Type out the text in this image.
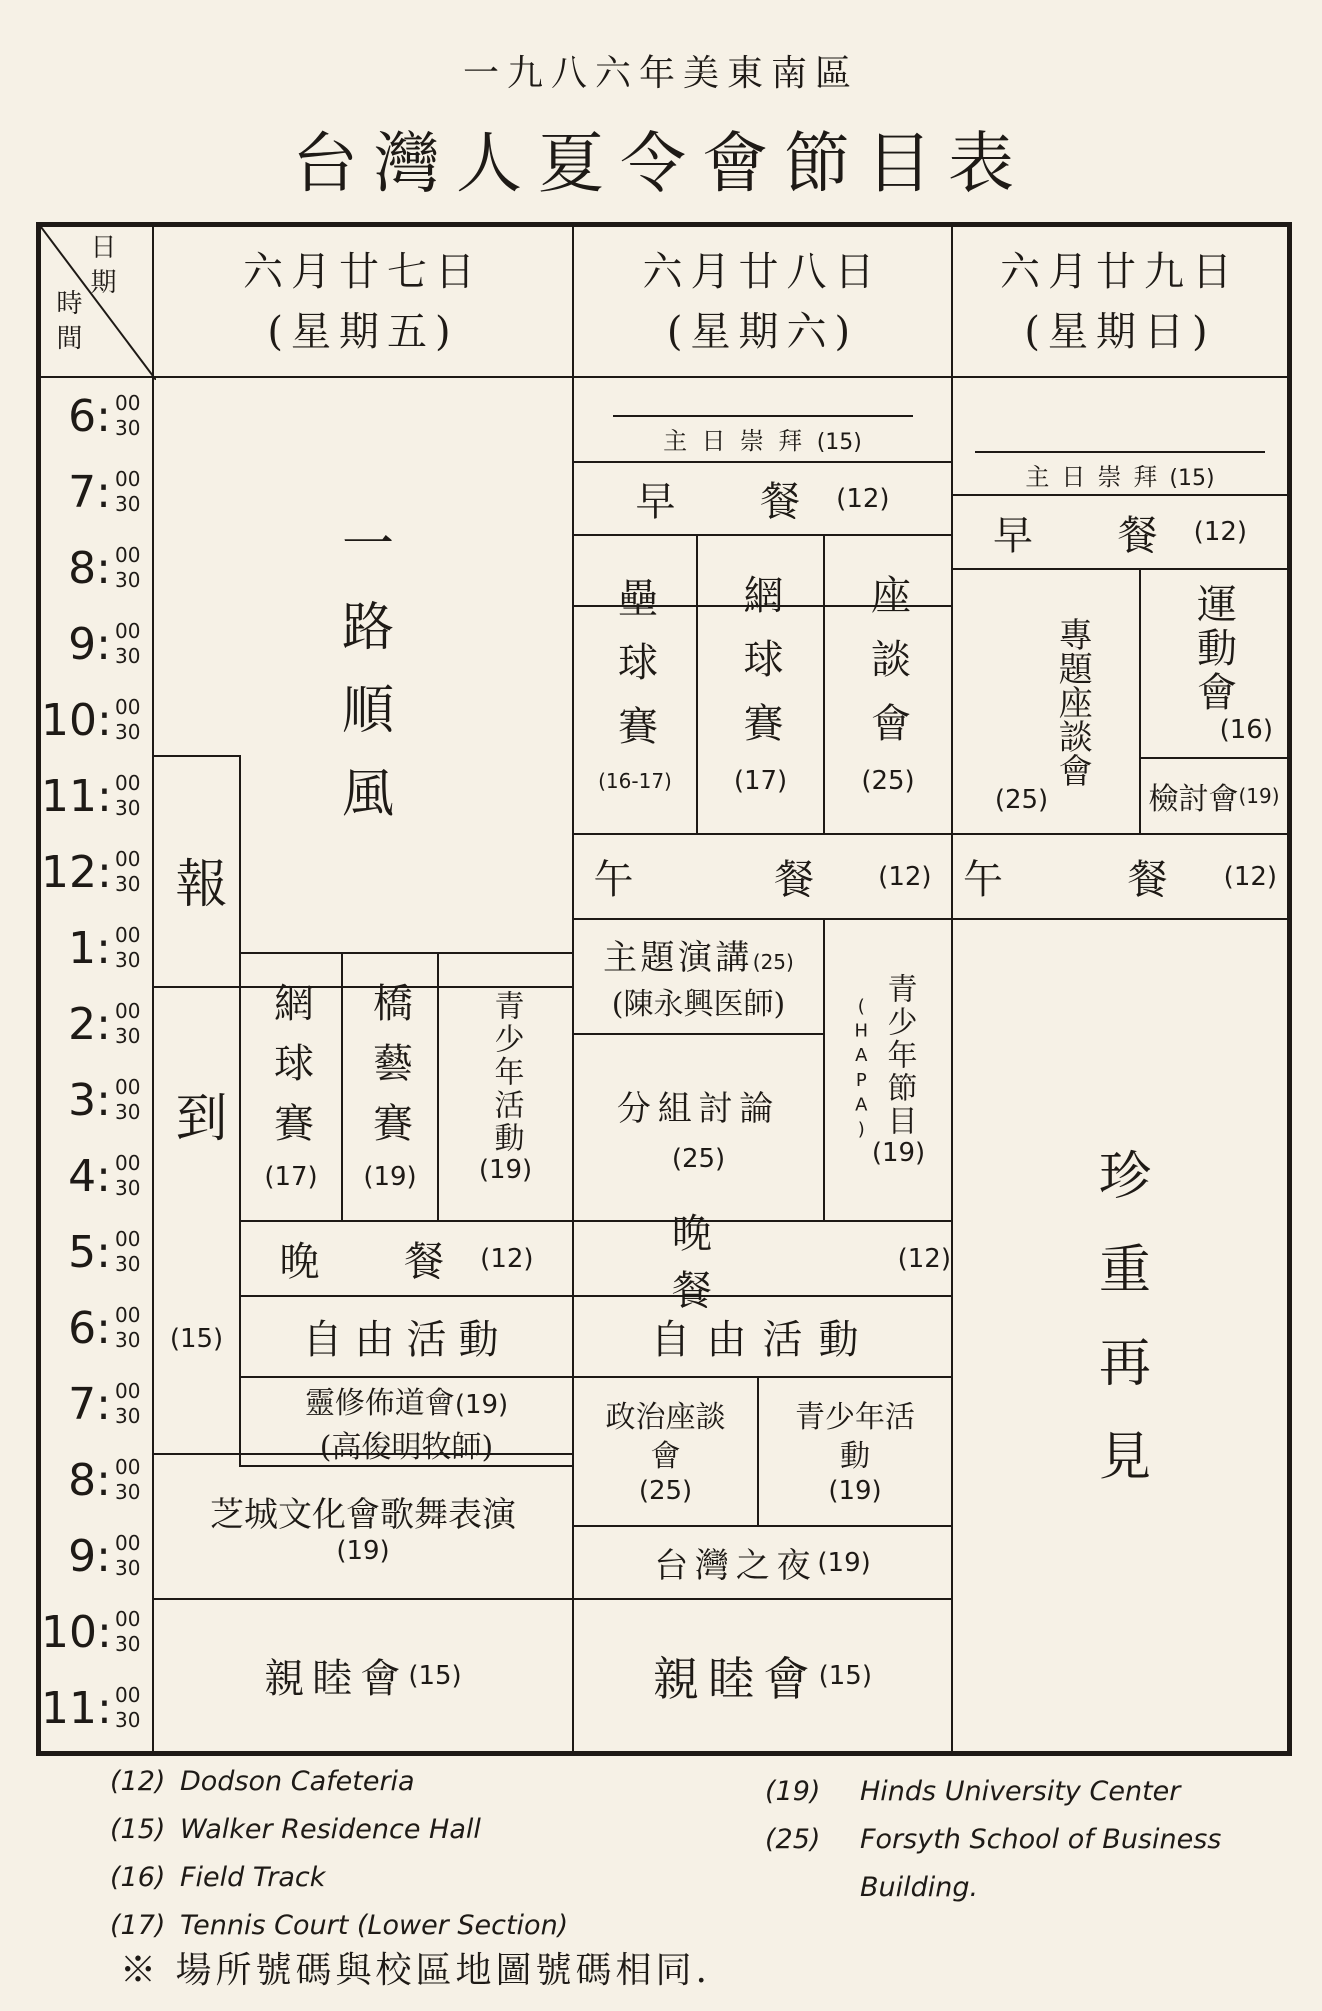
一九八六年美東南區
台灣人夏令會節目表
日期
時間
六月廿七日
(星期五)
六月廿八日
(星期六)
六月廿九日
(星期日)
6: 00
30
7: 00
30
8: 00
30
9: 00
30
10: 00
30
11: 00
30
12: 00
30
1: 00
30
2: 00
30
3: 00
30
4: 00
30
5: 00
30
6: 00
30
7: 00
30
8: 00
30
9: 00
30
10: 00
30
11: 00
30
一路順風
報到
(15)
網球賽
(17)
橋藝賽
(19)
青少年活動
(19)
晚 餐 (12)
自由活動
靈修佈道會(19)
(高俊明牧師)
芝城文化會歌舞表演
(19)
親睦會 (15)
主日崇拜(15)
早 餐 (12)
壘球賽
(16-17)
網球賽
(17)
座談會
(25)
午 餐 (12)
主題演講(25)
(陳永興医師)
分組討論
(25)
(HAPA) 青少年節目
(19)
晚 餐
(12)
自由活動
政治座談會
(25)
青少年活動
(19)
台灣之夜 (19)
親睦會 (15)
主日崇拜(15)
早 餐 (12)
(25)
專題座談會 運動會
(16)
檢討會 (19)
午 餐 (12)
珍重再見
(12) Dodson Cafeteria
(15) Walker Residence Hall
(16) Field Track
(17) Tennis Court (Lower Section)
(19) Hinds University Center
(25) Forsyth School of Business
Building.
※ 場所號碼與校區地圖號碼相同.
